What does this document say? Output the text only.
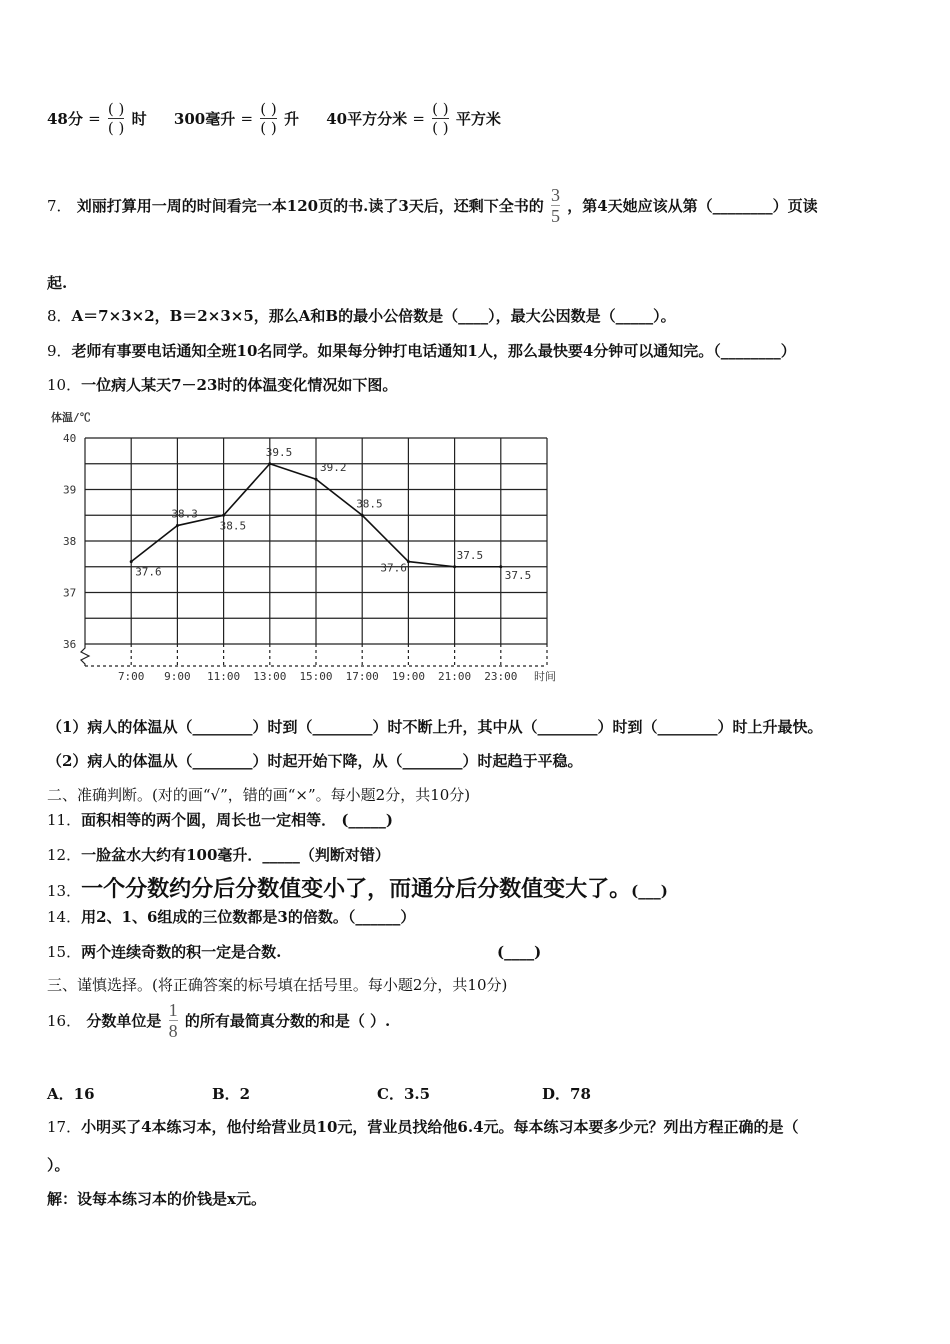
48分 = $\frac{( )}{( )}$ 时 300毫升 = $\frac{( )}{( )}$ 升 40平方分米 = $\frac{( )}{( )}$ 平方米
7． 刘丽打算用一周的时间看完一本120页的书.读了3天后，还剩下全书的 $\frac{3}{5}$ ，第4天她应该从第（________）页读
起.
8．A＝7×3×2，B＝2×3×5，那么A和B的最小公倍数是（____），最大公因数是（_____）。
9．老师有事要电话通知全班10名同学。如果每分钟打电话通知1人，那么最快要4分钟可以通知完。（________）
10．一位病人某天7－23时的体温变化情况如下图。
40
39
38
37
36
7:00 9:00 11:00 13:00 15:00 17:00 19:00 21:00 23:00
37.6
38.3
38.5
39.5
39.2
38.5
37.6
37.5
37.5
体温/℃
时间
（1）病人的体温从（________）时到（________）时不断上升，其中从（________）时到（________）时上升最快。
（2）病人的体温从（________）时起开始下降，从（________）时起趋于平稳。
二、准确判断。(对的画“√”，错的画“×”。每小题2分，共10分)
11．面积相等的两个圆，周长也一定相等． (_____)
12．一脸盆水大约有100毫升．_____（判断对错）
13．一个分数约分后分数值变小了，而通分后分数值变大了。(___)
14．用2、1、6组成的三位数都是3的倍数。（______）
15．两个连续奇数的积一定是合数.	(____)
三、谨慎选择。(将正确答案的标号填在括号里。每小题2分，共10分)
16． 分数单位是 $\frac{1}{8}$ 的所有最简真分数的和是（ ）.
A．16	B．2	C．3.5	D．78
17．小明买了4本练习本，他付给营业员10元，营业员找给他6.4元。每本练习本要多少元？列出方程正确的是（
）。
解：设每本练习本的价钱是x元。
